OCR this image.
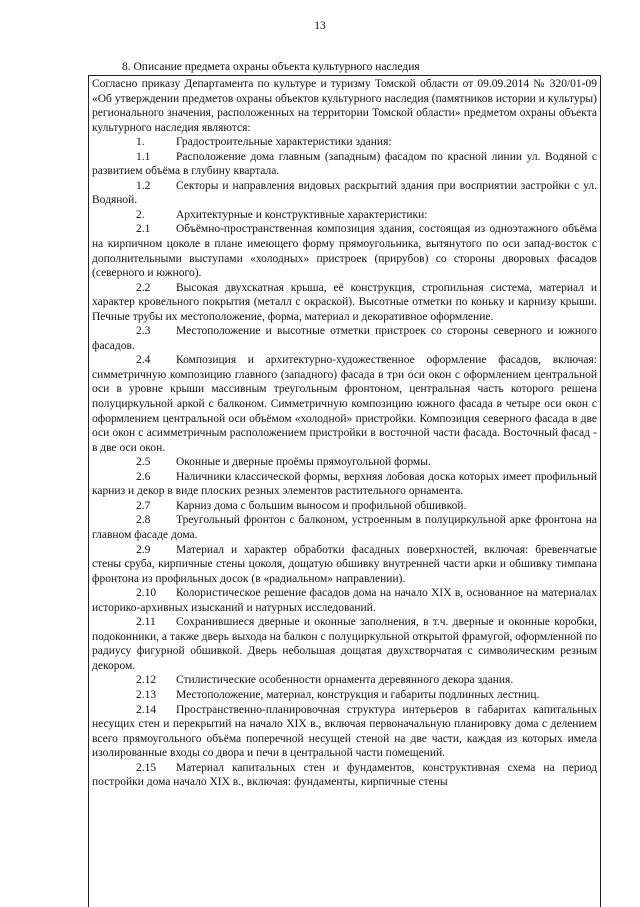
13
8. Описание предмета охраны объекта культурного наследия

Согласно приказу Департамента по культуре и туризму Томской области от 09.09.2014 № 320/01-09 «Об утверждении предметов охраны объектов культурного наследия (памятников истории и культуры) регионального значения, расположенных на территории Томской области» предметом охраны объекта культурного наследия являются:

1.	Градостроительные характеристики здания:

1.1 Расположение дома главным (западным) фасадом по красной линии ул. Водяной с развитием объёма в глубину квартала.

1.2 Секторы и направления видовых раскрытий здания при восприятии застройки с ул. Водяной.

2.	Архитектурные и конструктивные характеристики:

2.1 Объёмно-пространственная композиция здания, состоящая из одноэтажного объёма на кирпичном цоколе в плане имеющего форму прямоугольника, вытянутого по оси запад-восток с дополнительными выступами «холодных» пристроек (прирубов) со стороны дворовых фасадов (северного и южного).

2.2 Высокая двухскатная крыша, её конструкция, стропильная система, материал и характер кровельного покрытия (металл с окраской). Высотные отметки по коньку и карнизу крыши. Печные трубы их местоположение, форма, материал и декоративное оформление.

2.3 Местоположение и высотные отметки пристроек со стороны северного и южного фасадов.

2.4 Композиция и архитектурно-художественное оформление фасадов, включая: симметричную композицию главного (западного) фасада в три оси окон с оформлением центральной оси в уровне крыши массивным треугольным фронтоном, центральная часть которого решена полуциркульной аркой с балконом. Симметричную композицию южного фасада в четыре оси окон с оформлением центральной оси объёмом «холодной» пристройки. Композиция северного фасада в две оси окон с асимметричным расположением пристройки в восточной части фасада. Восточный фасад - в две оси окон.

2.5 Оконные и дверные проёмы прямоугольной формы.

2.6 Наличники классической формы, верхняя лобовая доска которых имеет профильный карниз и декор в виде плоских резных элементов растительного орнамента.

2.7 Карниз дома с большим выносом и профильной обшивкой.

2.8 Треугольный фронтон с балконом, устроенным в полуциркульной арке фронтона на главном фасаде дома.

2.9 Материал и характер обработки фасадных поверхностей, включая: бревенчатые стены сруба, кирпичные стены цоколя, дощатую обшивку внутренней части арки и обшивку тимпана фронтона из профильных досок (в «радиальном» направлении).

2.10 Колористическое решение фасадов дома на начало XIX в, основанное на материалах историко-архивных изысканий и натурных исследований.

2.11 Сохранившиеся дверные и оконные заполнения, в т.ч. дверные и оконные коробки, подоконники, а также дверь выхода на балкон с полуциркульной открытой фрамугой, оформленной по радиусу фигурной обшивкой. Дверь небольшая дощатая двухстворчатая с символическим резным декором.

2.12 Стилистические особенности орнамента деревянного декора здания.

2.13 Местоположение, материал, конструкция и габариты подлинных лестниц.

2.14 Пространственно-планировочная структура интерьеров в габаритах капитальных несущих стен и перекрытий на начало XIX в., включая первоначальную планировку дома с делением всего прямоугольного объёма поперечной несущей стеной на две части, каждая из которых имела изолированные входы со двора и печи в центральной части помещений.

2.15 Материал капитальных стен и фундаментов, конструктивная схема на период постройки дома начало XIX в., включая: фундаменты, кирпичные стены
